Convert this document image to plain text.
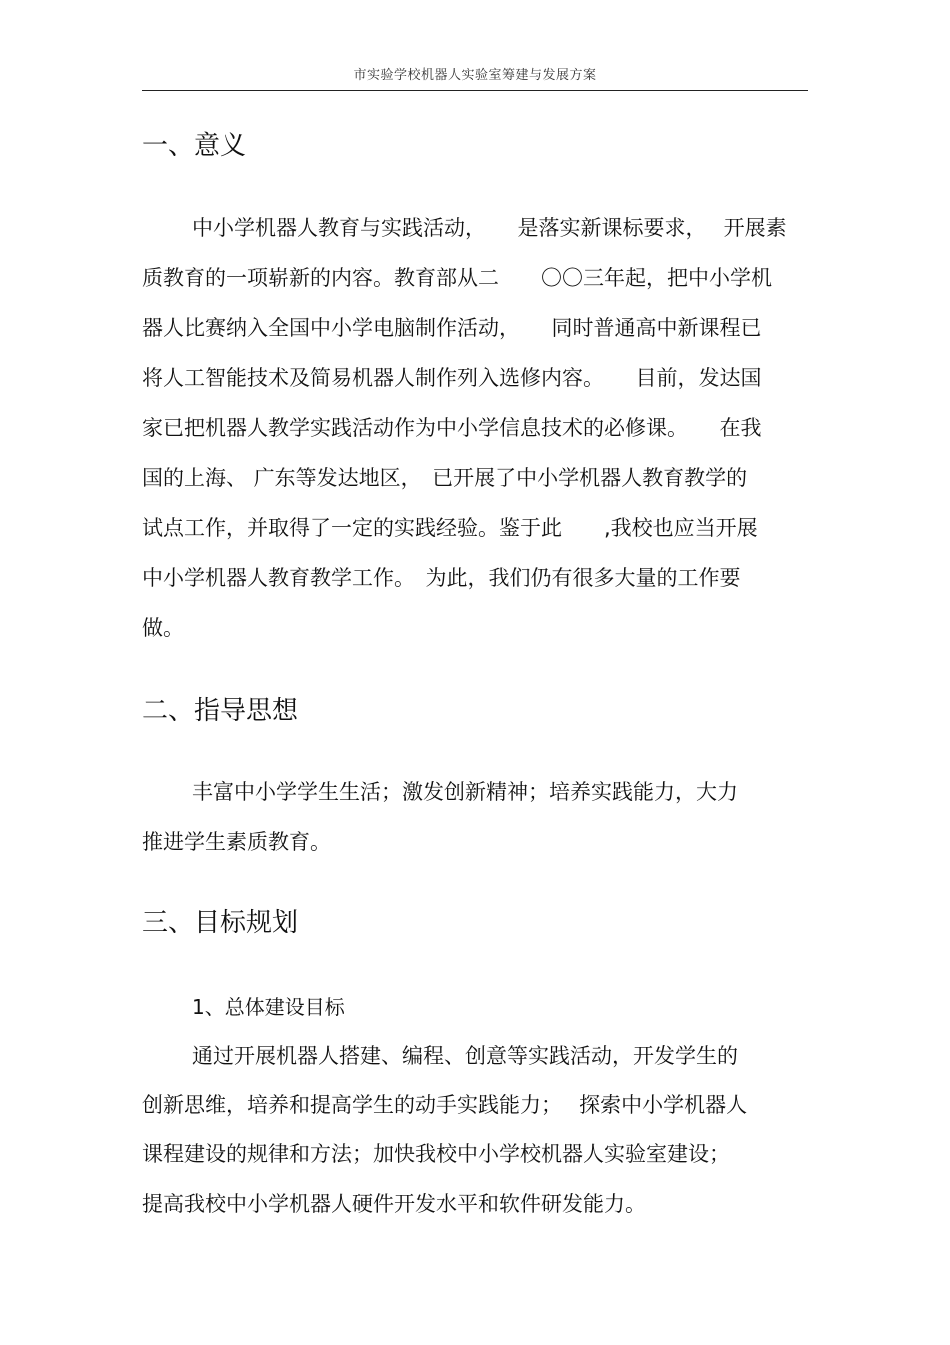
市实验学校机器人实验室筹建与发展方案
一、意义

中小学机器人教育与实践活动，　　是落实新课标要求，　 开展素

质教育的一项崭新的内容。教育部从二　　〇〇三年起，把中小学机

器人比赛纳入全国中小学电脑制作活动，　　同时普通高中新课程已

将人工智能技术及简易机器人制作列入选修内容。　　目前，发达国

家已把机器人教学实践活动作为中小学信息技术的必修课。　　在我

国的上海、 广东等发达地区，　已开展了中小学机器人教育教学的

试点工作，并取得了一定的实践经验。鉴于此　　,我校也应当开展

中小学机器人教育教学工作。　为此，我们仍有很多大量的工作要

做。

二、指导思想

丰富中小学学生生活；激发创新精神；培养实践能力，大力

推进学生素质教育。

三、目标规划
1、总体建设目标

通过开展机器人搭建、编程、创意等实践活动，开发学生的

创新思维，培养和提高学生的动手实践能力；　 探索中小学机器人

课程建设的规律和方法；加快我校中小学校机器人实验室建设；

提高我校中小学机器人硬件开发水平和软件研发能力。
